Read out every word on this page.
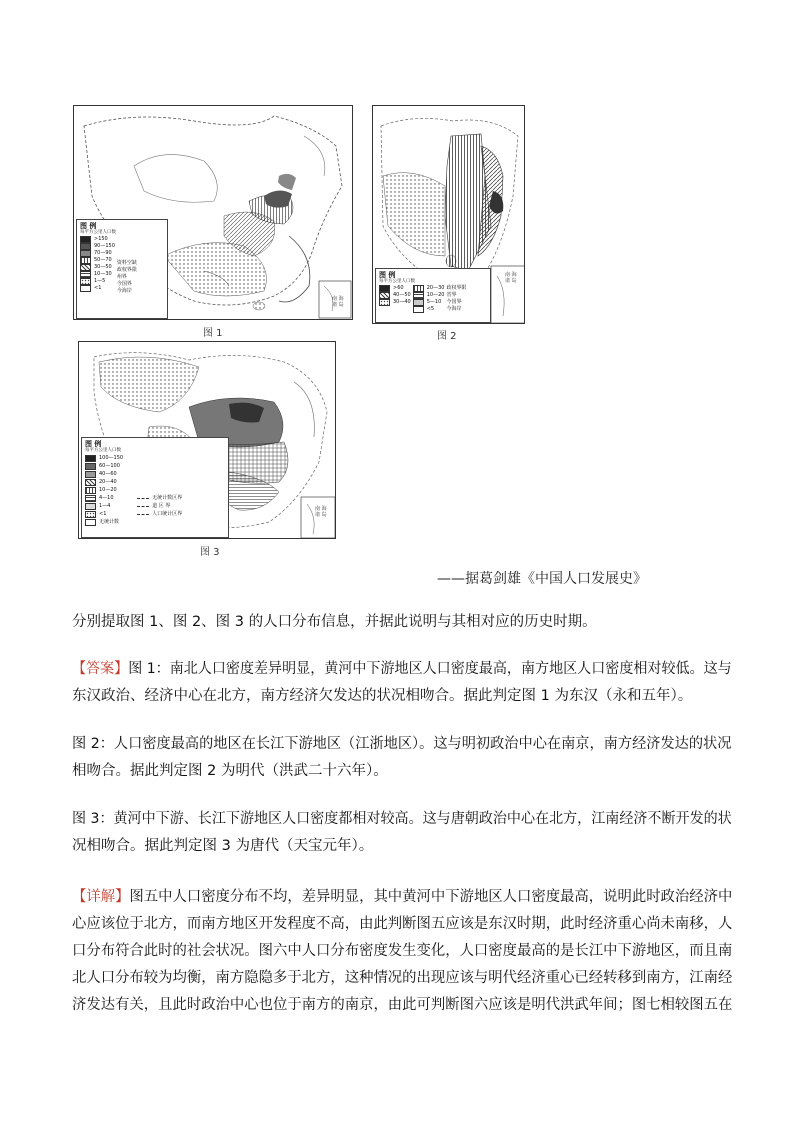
南 海 诸 岛
图 例
每平方公里人口数
>150
90—150
70—90
50—70
30—50
10—30
1—5
<1
资料空缺
政权界限
州界
今国界
今海岸
图 1
南 海 诸 岛
图 例
每平方公里人口数
>60
40—50
30—40
20—30
10—20
5—10
<5
政权界限
省界
今国界
今海岸
图 2
南 海 诸 岛
图 例
每平方公里人口数
100—150
60—100
40—60
20—40
10—20
4—10
1—4
<1
无统计数
无统计数区界
道 区 界
人口统计区界
图 3
——据葛剑雄《中国人口发展史》
分别提取图 1、图 2、图 3 的人口分布信息，并据此说明与其相对应的历史时期。
【答案】图 1：南北人口密度差异明显，黄河中下游地区人口密度最高，南方地区人口密度相对较低。这与
东汉政治、经济中心在北方，南方经济欠发达的状况相吻合。据此判定图 1 为东汉（永和五年）。
图 2：人口密度最高的地区在长江下游地区（江浙地区）。这与明初政治中心在南京，南方经济发达的状况
相吻合。据此判定图 2 为明代（洪武二十六年）。
图 3：黄河中下游、长江下游地区人口密度都相对较高。这与唐朝政治中心在北方，江南经济不断开发的状
况相吻合。据此判定图 3 为唐代（天宝元年）。
【详解】图五中人口密度分布不均，差异明显，其中黄河中下游地区人口密度最高，说明此时政治经济中
心应该位于北方，而南方地区开发程度不高，由此判断图五应该是东汉时期，此时经济重心尚未南移，人
口分布符合此时的社会状况。图六中人口分布密度发生变化，人口密度最高的是长江中下游地区，而且南
北人口分布较为均衡，南方隐隐多于北方，这种情况的出现应该与明代经济重心已经转移到南方，江南经
济发达有关，且此时政治中心也位于南方的南京，由此可判断图六应该是明代洪武年间；图七相较图五在
